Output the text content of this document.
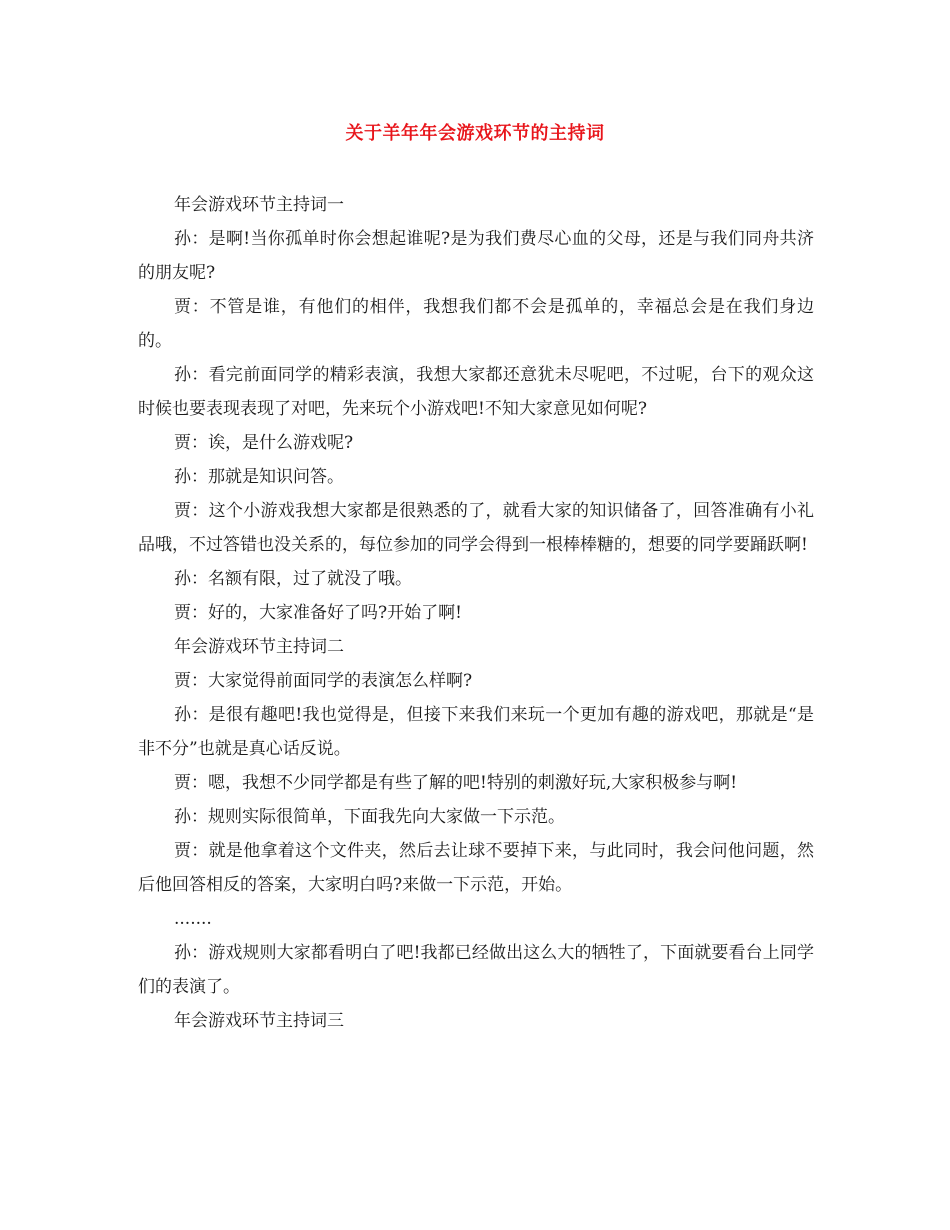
关于羊年年会游戏环节的主持词

年会游戏环节主持词一

孙：是啊!当你孤单时你会想起谁呢?是为我们费尽心血的父母，还是与我们同舟共济的朋友呢?

贾：不管是谁，有他们的相伴，我想我们都不会是孤单的，幸福总会是在我们身边的。

孙：看完前面同学的精彩表演，我想大家都还意犹未尽呢吧，不过呢，台下的观众这时候也要表现表现了对吧，先来玩个小游戏吧!不知大家意见如何呢?

贾：诶，是什么游戏呢?

孙：那就是知识问答。

贾：这个小游戏我想大家都是很熟悉的了，就看大家的知识储备了，回答准确有小礼品哦，不过答错也没关系的，每位参加的同学会得到一根棒棒糖的，想要的同学要踊跃啊!

孙：名额有限，过了就没了哦。

贾：好的，大家准备好了吗?开始了啊!

年会游戏环节主持词二

贾：大家觉得前面同学的表演怎么样啊?

孙：是很有趣吧!我也觉得是，但接下来我们来玩一个更加有趣的游戏吧，那就是“是非不分”也就是真心话反说。

贾：嗯，我想不少同学都是有些了解的吧!特别的刺激好玩,大家积极参与啊!

孙：规则实际很简单，下面我先向大家做一下示范。

贾：就是他拿着这个文件夹，然后去让球不要掉下来，与此同时，我会问他问题，然后他回答相反的答案，大家明白吗?来做一下示范，开始。

.......

孙：游戏规则大家都看明白了吧!我都已经做出这么大的牺牲了，下面就要看台上同学们的表演了。

年会游戏环节主持词三
